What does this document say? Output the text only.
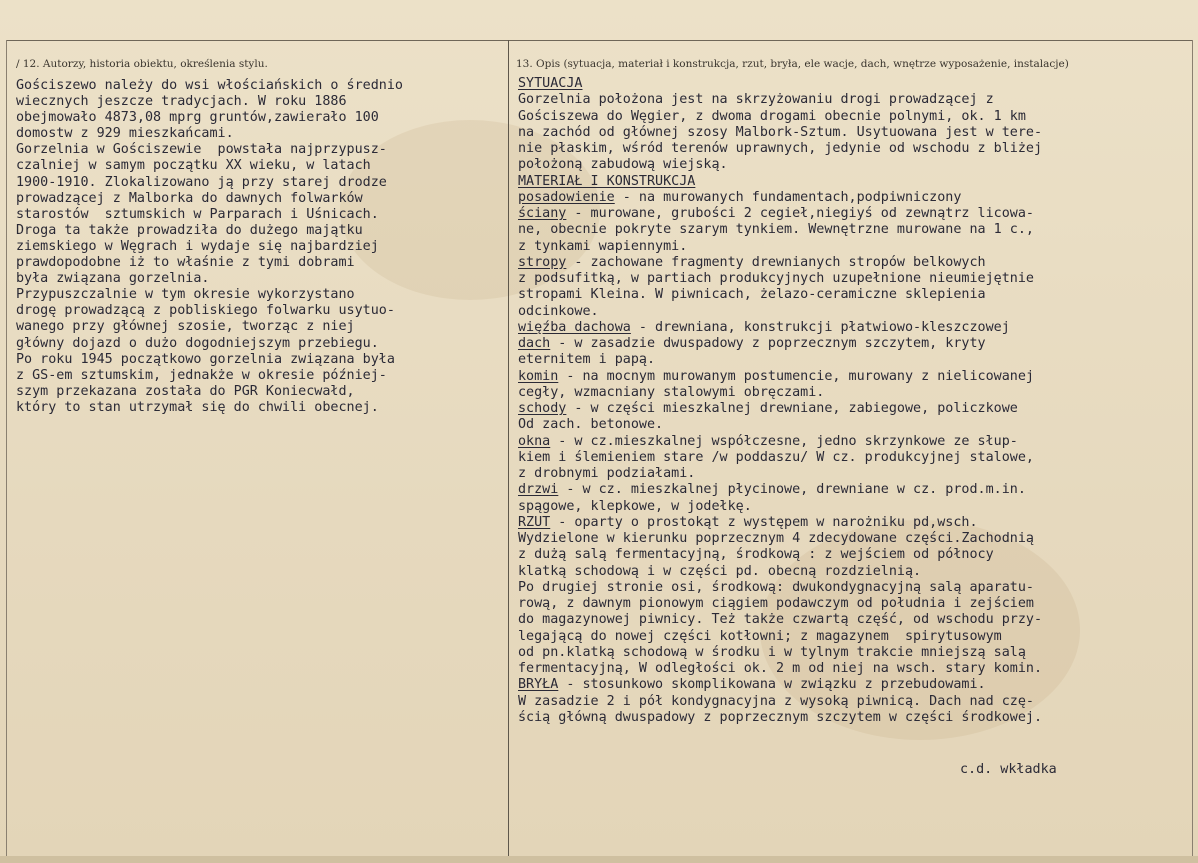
/ 12. Autorzy, historia obiektu, określenia stylu.	13. Opis (sytuacja, materiał i konstrukcja, rzut, bryła, ele wacje, dach, wnętrze wyposażenie, instalacje)
Gościszewo należy do wsi włościańskich o średnio
wiecznych jeszcze tradycjach. W roku 1886
obejmowało 4873,08 mprg gruntów,zawierało 100
domostw z 929 mieszkańcami.
Gorzelnia w Gościszewie  powstała najprzypusz-
czalniej w samym początku XX wieku, w latach
1900-1910. Zlokalizowano ją przy starej drodze
prowadzącej z Malborka do dawnych folwarków
starostów  sztumskich w Parparach i Uśnicach.
Droga ta także prowadziła do dużego majątku
ziemskiego w Węgrach i wydaje się najbardziej
prawdopodobne iż to właśnie z tymi dobrami
była związana gorzelnia.
Przypuszczalnie w tym okresie wykorzystano
drogę prowadzącą z pobliskiego folwarku usytuo-
wanego przy głównej szosie, tworząc z niej
główny dojazd o dużo dogodniejszym przebiegu.
Po roku 1945 początkowo gorzelnia związana była
z GS-em sztumskim, jednakże w okresie później-
szym przekazana została do PGR Koniecwałd,
który to stan utrzymał się do chwili obecnej.
SYTUACJA
Gorzelnia położona jest na skrzyżowaniu drogi prowadzącej z
Gościszewa do Węgier, z dwoma drogami obecnie polnymi, ok. 1 km
na zachód od głównej szosy Malbork-Sztum. Usytuowana jest w tere-
nie płaskim, wśród terenów uprawnych, jedynie od wschodu z bliżej
położoną zabudową wiejską.
MATERIAŁ I KONSTRUKCJA
posadowienie - na murowanych fundamentach,podpiwniczony
ściany - murowane, grubości 2 cegieł,niegiyś od zewnątrz licowa-
ne, obecnie pokryte szarym tynkiem. Wewnętrzne murowane na 1 c.,
z tynkami wapiennymi.
stropy - zachowane fragmenty drewnianych stropów belkowych
z podsufitką, w partiach produkcyjnych uzupełnione nieumiejętnie
stropami Kleina. W piwnicach, żelazo-ceramiczne sklepienia
odcinkowe.
więźba dachowa - drewniana, konstrukcji płatwiowo-kleszczowej
dach - w zasadzie dwuspadowy z poprzecznym szczytem, kryty
eternitem i papą.
komin - na mocnym murowanym postumencie, murowany z nielicowanej
cegły, wzmacniany stalowymi obręczami.
schody - w części mieszkalnej drewniane, zabiegowe, policzkowe
Od zach. betonowe.
okna - w cz.mieszkalnej współczesne, jedno skrzynkowe ze słup-
kiem i ślemieniem stare /w poddaszu/ W cz. produkcyjnej stalowe,
z drobnymi podziałami.
drzwi - w cz. mieszkalnej płycinowe, drewniane w cz. prod.m.in.
spągowe, klepkowe, w jodełkę.
RZUT - oparty o prostokąt z występem w narożniku pd,wsch.
Wydzielone w kierunku poprzecznym 4 zdecydowane części.Zachodnią
z dużą salą fermentacyjną, środkową : z wejściem od północy
klatką schodową i w części pd. obecną rozdzielnią.
Po drugiej stronie osi, środkową: dwukondygnacyjną salą aparatu-
rową, z dawnym pionowym ciągiem podawczym od południa i zejściem
do magazynowej piwnicy. Też także czwartą część, od wschodu przy-
legającą do nowej części kotłowni; z magazynem  spirytusowym
od pn.klatką schodową w środku i w tylnym trakcie mniejszą salą
fermentacyjną, W odległości ok. 2 m od niej na wsch. stary komin.
BRYŁA - stosunkowo skomplikowana w związku z przebudowami.
W zasadzie 2 i pół kondygnacyjna z wysoką piwnicą. Dach nad czę-
ścią główną dwuspadowy z poprzecznym szczytem w części środkowej.
c.d. wkładka
